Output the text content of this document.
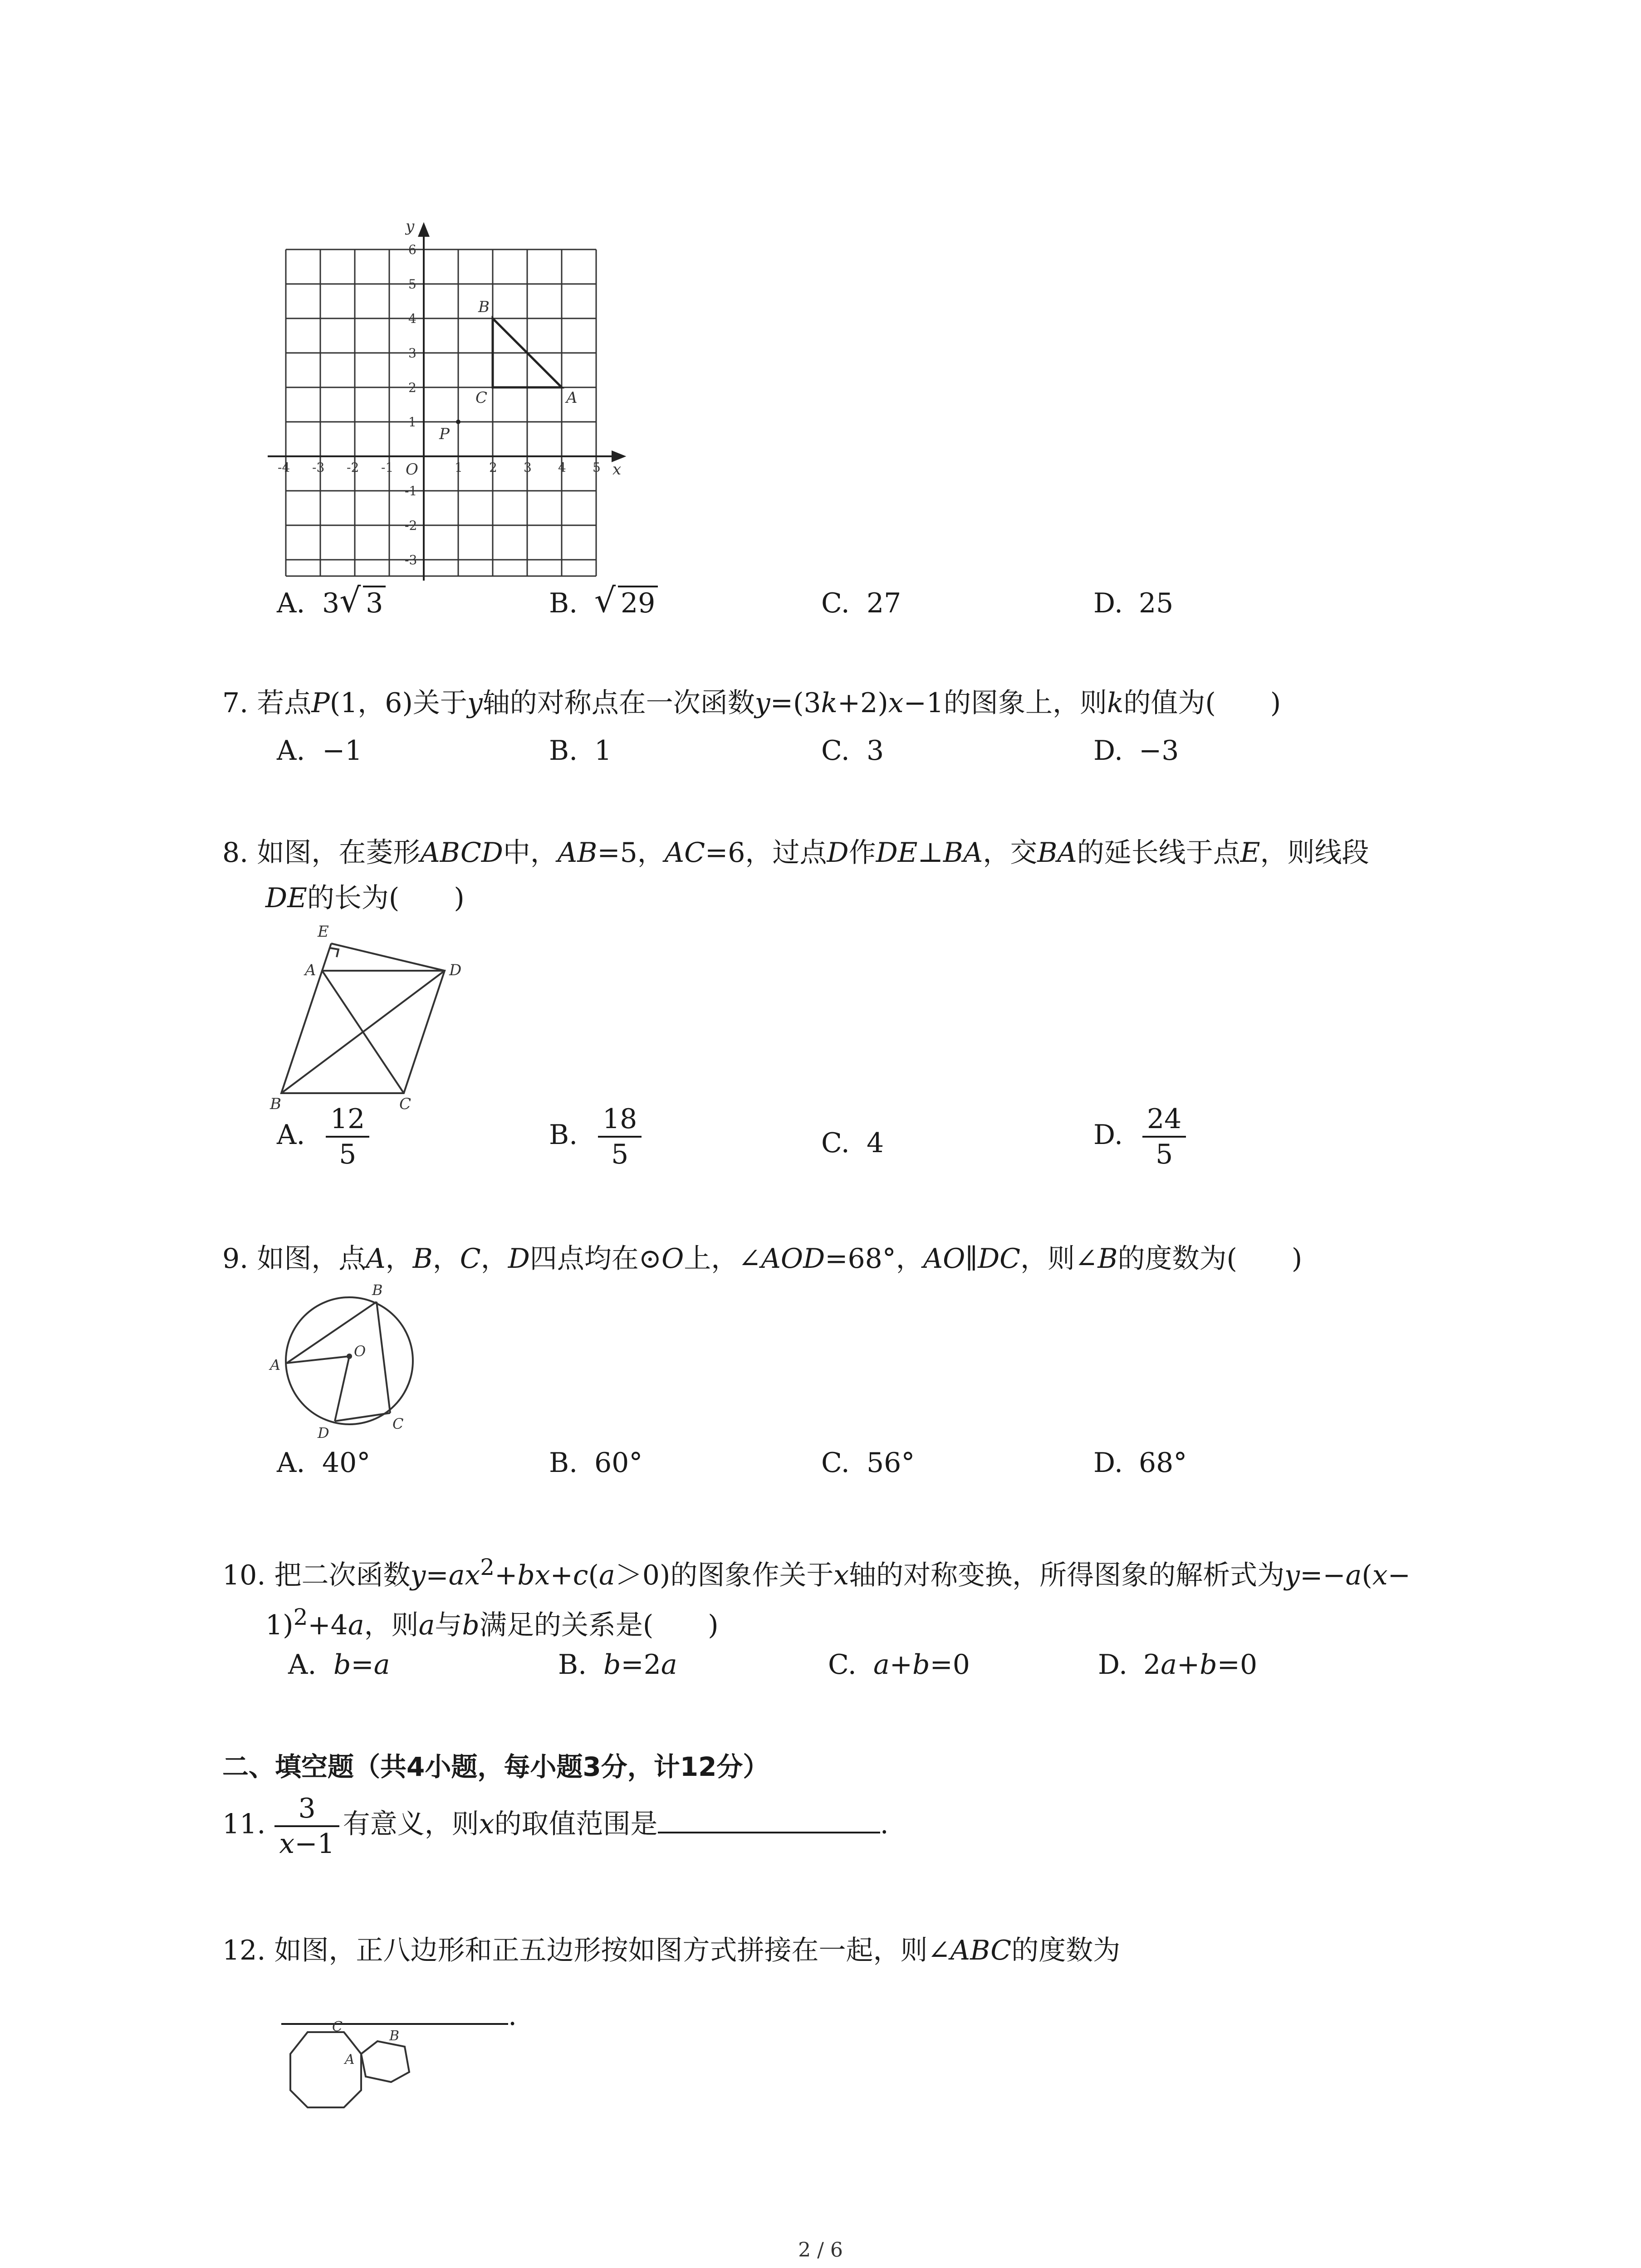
y
x
O
B
C	A
P
6
5
4
3
2
1
-1
-2
-3
-4 -3 -2 -1	1 2 3 4 5
A. 3 √ 3	B. √ 29	C. 27	D. 25
7. 若点P(1，6)关于y轴的对称点在一次函数y=(3k+2)x−1的图象上，则k的值为(　　)
A. −1	B. 1	C. 3	D. −3
8. 如图，在菱形ABCD中，AB=5，AC=6，过点D作DE⊥BA，交BA的延长线于点E，则线段
DE的长为(　　)
E
A	D
B	C
A. $\frac{12}{5}$	B. $\frac{18}{5}$	C. 4	D. $\frac{24}{5}$
9. 如图，点A，B，C，D四点均在⊙O上，∠AOD=68°，AO∥DC，则∠B的度数为(　　)
B
A
O
D
C
A. 40°	B. 60°	C. 56°	D. 68°
10. 把二次函数$y=ax^2+bx+c(a>0)$的图象作关于x轴的对称变换，所得图象的解析式为y=−a(x−
1)$^2$+4a，则a与b满足的关系是(　　)
A. b=a	B. b=2a	C. a+b=0	D. 2a+b=0
二、填空题（共4小题，每小题3分，计12分）
11. $\frac{3}{x-1}$ 有意义，则x的取值范围是	.
12. 如图，正八边形和正五边形按如图方式拼接在一起，则∠ABC的度数为
.
C
B
A
2 / 6
